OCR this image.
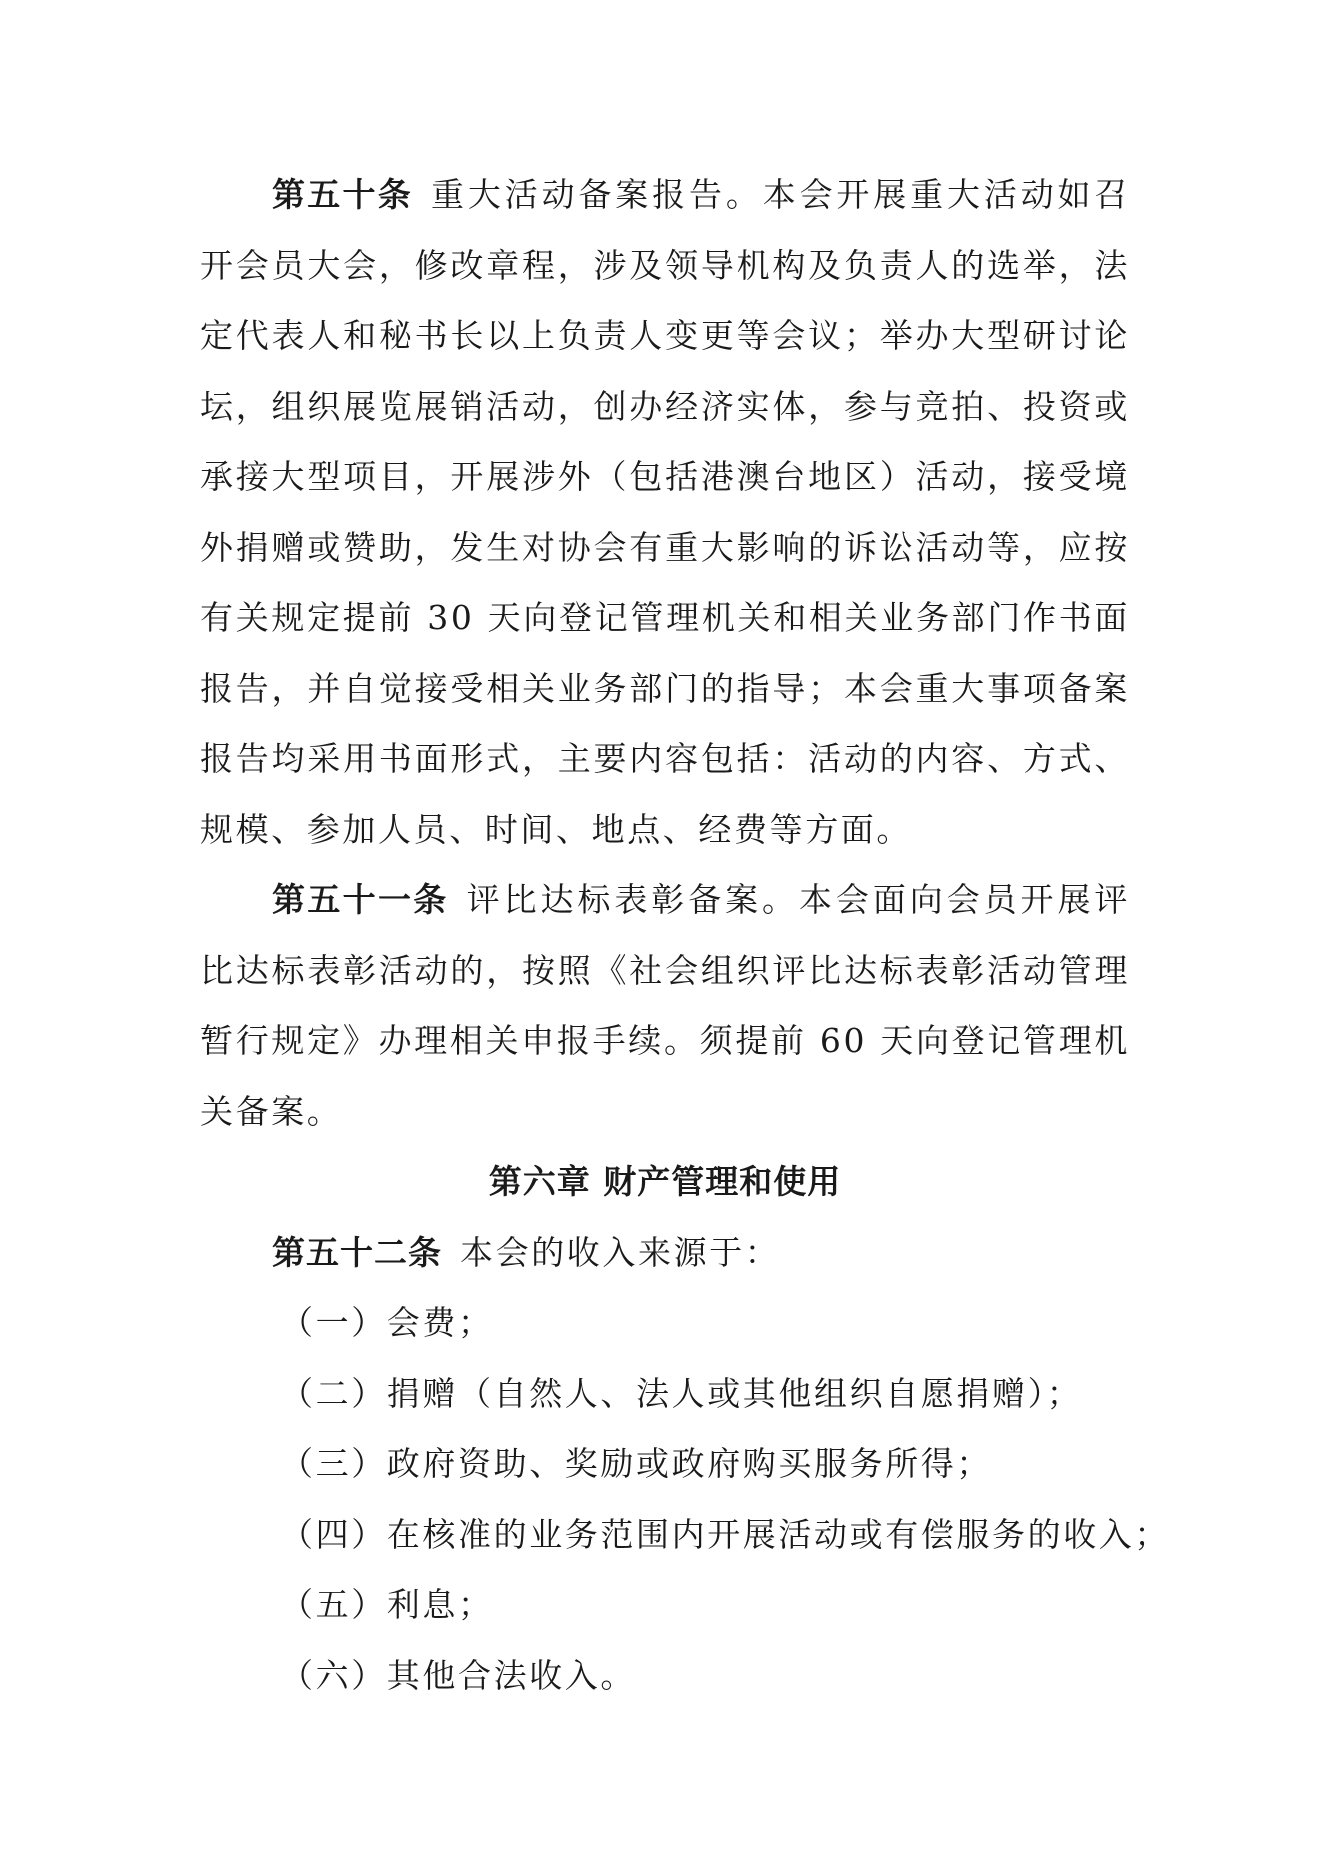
第五十条 重大活动备案报告。本会开展重大活动如召开会员大会，修改章程，涉及领导机构及负责人的选举，法定代表人和秘书长以上负责人变更等会议；举办大型研讨论坛，组织展览展销活动，创办经济实体，参与竞拍、投资或承接大型项目，开展涉外（包括港澳台地区）活动，接受境外捐赠或赞助，发生对协会有重大影响的诉讼活动等，应按有关规定提前 30 天向登记管理机关和相关业务部门作书面报告，并自觉接受相关业务部门的指导；本会重大事项备案报告均采用书面形式，主要内容包括：活动的内容、方式、规模、参加人员、时间、地点、经费等方面。

第五十一条 评比达标表彰备案。本会面向会员开展评比达标表彰活动的，按照《社会组织评比达标表彰活动管理暂行规定》办理相关申报手续。须提前 60 天向登记管理机关备案。

第六章 财产管理和使用

第五十二条 本会的收入来源于：

（一）会费；

（二）捐赠（自然人、法人或其他组织自愿捐赠）；

（三）政府资助、奖励或政府购买服务所得；

（四）在核准的业务范围内开展活动或有偿服务的收入；

（五）利息；

（六）其他合法收入。
